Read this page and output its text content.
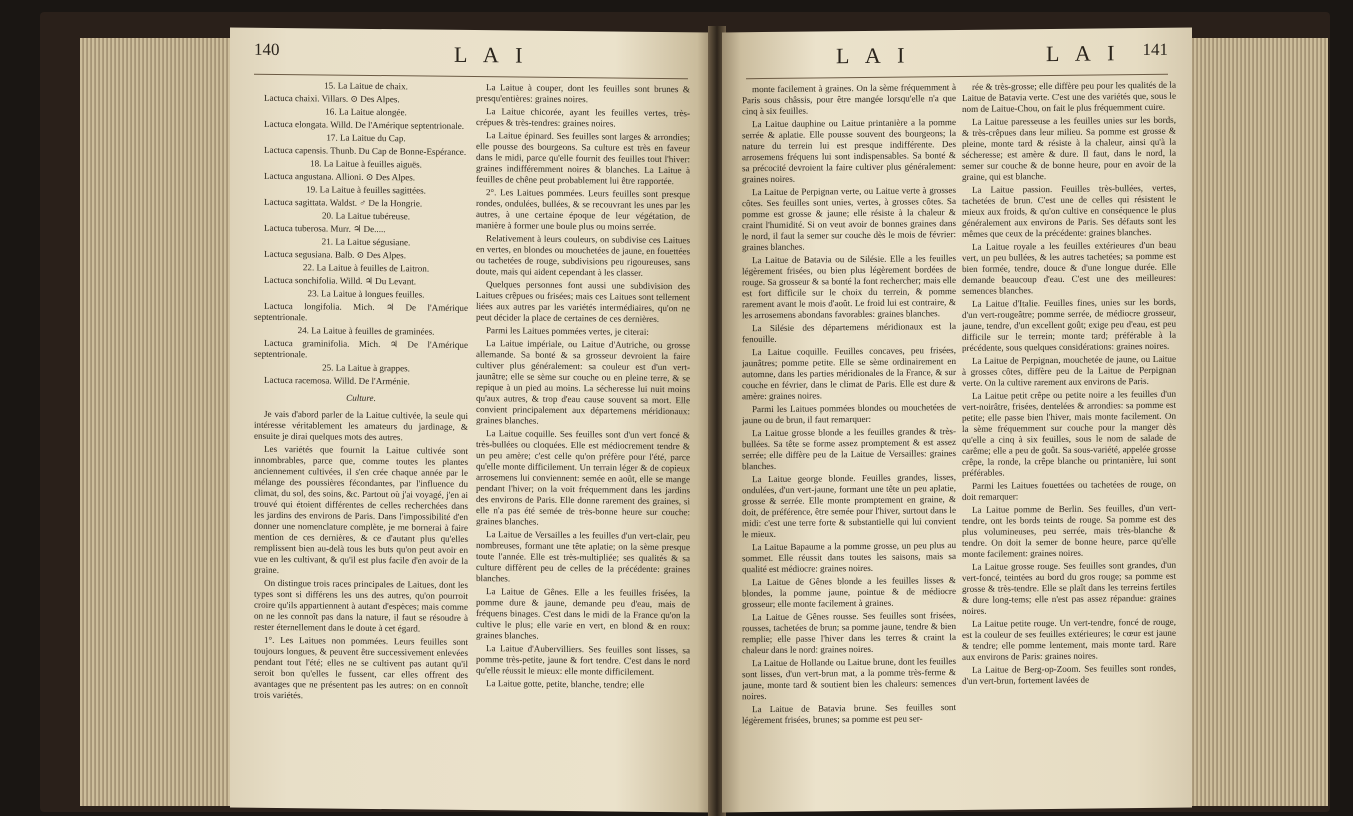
140	L A I

15. La Laitue de chaix.

Lactuca chaixi. Villars. ⊙ Des Alpes.

16. La Laitue alongée.

Lactuca elongata. Willd. De l'Amérique septentrionale.

17. La Laitue du Cap.

Lactuca capensis. Thunb. Du Cap de Bonne-Espérance.

18. La Laitue à feuilles aiguës.

Lactuca angustana. Allioni. ⊙ Des Alpes.

19. La Laitue à feuilles sagittées.

Lactuca sagittata. Waldst. ♂ De la Hongrie.

20. La Laitue tubéreuse.

Lactuca tuberosa. Murr. ♃ De.....

21. La Laitue ségusiane.

Lactuca segusiana. Balb. ⊙ Des Alpes.

22. La Laitue à feuilles de Laitron.

Lactuca sonchifolia. Willd. ♃ Du Levant.

23. La Laitue à longues feuilles.

Lactuca longifolia. Mich. ♃ De l'Amérique septentrionale.

24. La Laitue à feuilles de graminées.

Lactuca graminifolia. Mich. ♃ De l'Amérique septentrionale.

25. La Laitue à grappes.

Lactuca racemosa. Willd. De l'Arménie.

Culture.

Je vais d'abord parler de la Laitue cultivée, la seule qui intéresse véritablement les amateurs du jardinage, & ensuite je dirai quelques mots des autres.

Les variétés que fournit la Laitue cultivée sont innombrables, parce que, comme toutes les plantes anciennement cultivées, il s'en crée chaque année par le mélange des poussières fécondantes, par l'influence du climat, du sol, des soins, &c. Partout où j'ai voyagé, j'en ai trouvé qui étoient différentes de celles recherchées dans les jardins des environs de Paris. Dans l'impossibilité d'en donner une nomenclature complète, je me bornerai à faire mention de ces dernières, & ce d'autant plus qu'elles remplissent bien au-delà tous les buts qu'on peut avoir en vue en les cultivant, & qu'il est plus facile d'en avoir de la graine.

On distingue trois races principales de Laitues, dont les types sont si différens les uns des autres, qu'on pourroit croire qu'ils appartiennent à autant d'espèces; mais comme on ne les connoît pas dans la nature, il faut se résoudre à rester éternellement dans le doute à cet égard.

1°. Les Laitues non pommées. Leurs feuilles sont toujours longues, & peuvent être successivement enlevées pendant tout l'été; elles ne se cultivent pas autant qu'il seroit bon qu'elles le fussent, car elles offrent des avantages que ne présentent pas les autres: on en connoît trois variétés.

La Laitue à couper, dont les feuilles sont brunes & presqu'entières: graines noires.

La Laitue chicorée, ayant les feuilles vertes, très-crépues & très-tendres: graines noires.

La Laitue épinard. Ses feuilles sont larges & arrondies; elle pousse des bourgeons. Sa culture est très en faveur dans le midi, parce qu'elle fournit des feuilles tout l'hiver: graines indifféremment noires & blanches. La Laitue à feuilles de chêne peut probablement lui être rapportée.

2°. Les Laitues pommées. Leurs feuilles sont presque rondes, ondulées, bullées, & se recouvrant les unes par les autres, à une certaine époque de leur végétation, de manière à former une boule plus ou moins serrée.

Relativement à leurs couleurs, on subdivise ces Laitues en vertes, en blondes ou mouchetées de jaune, en fouettées ou tachetées de rouge, subdivisions peu rigoureuses, sans doute, mais qui aident cependant à les classer.

Quelques personnes font aussi une subdivision des Laitues crêpues ou frisées; mais ces Laitues sont tellement liées aux autres par les variétés intermédiaires, qu'on ne peut décider la place de certaines de ces dernières.

Parmi les Laitues pommées vertes, je citerai:

La Laitue impériale, ou Laitue d'Autriche, ou grosse allemande. Sa bonté & sa grosseur devroient la faire cultiver plus généralement: sa couleur est d'un vert-jaunâtre; elle se sème sur couche ou en pleine terre, & se repique à un pied au moins. La sécheresse lui nuit moins qu'aux autres, & trop d'eau cause souvent sa mort. Elle convient principalement aux départemens méridionaux: graines blanches.

La Laitue coquille. Ses feuilles sont d'un vert foncé & très-bullées ou cloquées. Elle est médiocrement tendre & un peu amère; c'est celle qu'on préfère pour l'été, parce qu'elle monte difficilement. Un terrain léger & de copieux arrosemens lui conviennent: semée en août, elle se mange pendant l'hiver; on la voit fréquemment dans les jardins des environs de Paris. Elle donne rarement des graines, si elle n'a pas été semée de très-bonne heure sur couche: graines blanches.

La Laitue de Versailles a les feuilles d'un vert-clair, peu nombreuses, formant une tête aplatie; on la sème presque toute l'année. Elle est très-multipliée; ses qualités & sa culture diffèrent peu de celles de la précédente: graines blanches.

La Laitue de Gênes. Elle a les feuilles frisées, la pomme dure & jaune, demande peu d'eau, mais de fréquens binages. C'est dans le midi de la France qu'on la cultive le plus; elle varie en vert, en blond & en roux: graines blanches.

La Laitue d'Aubervilliers. Ses feuilles sont lisses, sa pomme très-petite, jaune & fort tendre. C'est dans le nord qu'elle réussit le mieux: elle monte difficilement.

La Laitue gotte, petite, blanche, tendre; elle

L A I	L A I 141

monte facilement à graines. On la sème fréquemment à Paris sous châssis, pour être mangée lorsqu'elle n'a que cinq à six feuilles.

La Laitue dauphine ou Laitue printanière a la pomme serrée & aplatie. Elle pousse souvent des bourgeons; la nature du terrein lui est presque indifférente. Des arrosemens fréquens lui sont indispensables. Sa bonté & sa précocité devroient la faire cultiver plus généralement: graines noires.

La Laitue de Perpignan verte, ou Laitue verte à grosses côtes. Ses feuilles sont unies, vertes, à grosses côtes. Sa pomme est grosse & jaune; elle résiste à la chaleur & craint l'humidité. Si on veut avoir de bonnes graines dans le nord, il faut la semer sur couche dès le mois de février: graines blanches.

La Laitue de Batavia ou de Silésie. Elle a les feuilles légèrement frisées, ou bien plus légèrement bordées de rouge. Sa grosseur & sa bonté la font rechercher; mais elle est fort difficile sur le choix du terrein, & pomme rarement avant le mois d'août. Le froid lui est contraire, & les arrosemens abondans favorables: graines blanches.

La Silésie des départemens méridionaux est la fenouille.

La Laitue coquille. Feuilles concaves, peu frisées, jaunâtres; pomme petite. Elle se sème ordinairement en automne, dans les parties méridionales de la France, & sur couche en février, dans le climat de Paris. Elle est dure & amère: graines noires.

Parmi les Laitues pommées blondes ou mouchetées de jaune ou de brun, il faut remarquer:

La Laitue grosse blonde a les feuilles grandes & très-bullées. Sa tête se forme assez promptement & est assez serrée; elle diffère peu de la Laitue de Versailles: graines blanches.

La Laitue george blonde. Feuilles grandes, lisses, ondulées, d'un vert-jaune, formant une tête un peu aplatie, grosse & serrée. Elle monte promptement en graine, & doit, de préférence, être semée pour l'hiver, surtout dans le midi: c'est une terre forte & substantielle qui lui convient le mieux.

La Laitue Bapaume a la pomme grosse, un peu plus au sommet. Elle réussit dans toutes les saisons, mais sa qualité est médiocre: graines noires.

La Laitue de Gênes blonde a les feuilles lisses & blondes, la pomme jaune, pointue & de médiocre grosseur; elle monte facilement à graines.

La Laitue de Gênes rousse. Ses feuilles sont frisées, rousses, tachetées de brun; sa pomme jaune, tendre & bien remplie; elle passe l'hiver dans les terres & craint la chaleur dans le nord: graines noires.

La Laitue de Hollande ou Laitue brune, dont les feuilles sont lisses, d'un vert-brun mat, a la pomme très-ferme & jaune, monte tard & soutient bien les chaleurs: semences noires.

La Laitue de Batavia brune. Ses feuilles sont légèrement frisées, brunes; sa pomme est peu ser-

rée & très-grosse; elle diffère peu pour les qualités de la Laitue de Batavia verte. C'est une des variétés que, sous le nom de Laitue-Chou, on fait le plus fréquemment cuire.

La Laitue paresseuse a les feuilles unies sur les bords, & très-crêpues dans leur milieu. Sa pomme est grosse & pleine, monte tard & résiste à la chaleur, ainsi qu'à la sécheresse; est amère & dure. Il faut, dans le nord, la semer sur couche & de bonne heure, pour en avoir de la graine, qui est blanche.

La Laitue passion. Feuilles très-bullées, vertes, tachetées de brun. C'est une de celles qui résistent le mieux aux froids, & qu'on cultive en conséquence le plus généralement aux environs de Paris. Ses défauts sont les mêmes que ceux de la précédente: graines blanches.

La Laitue royale a les feuilles extérieures d'un beau vert, un peu bullées, & les autres tachetées; sa pomme est bien formée, tendre, douce & d'une longue durée. Elle demande beaucoup d'eau. C'est une des meilleures: semences blanches.

La Laitue d'Italie. Feuilles fines, unies sur les bords, d'un vert-rougeâtre; pomme serrée, de médiocre grosseur, jaune, tendre, d'un excellent goût; exige peu d'eau, est peu difficile sur le terrein; monte tard; préférable à la précédente, sous quelques considérations: graines noires.

La Laitue de Perpignan, mouchetée de jaune, ou Laitue à grosses côtes, diffère peu de la Laitue de Perpignan verte. On la cultive rarement aux environs de Paris.

La Laitue petit crêpe ou petite noire a les feuilles d'un vert-noirâtre, frisées, dentelées & arrondies: sa pomme est petite; elle passe bien l'hiver, mais monte facilement. On la sème fréquemment sur couche pour la manger dès qu'elle a cinq à six feuilles, sous le nom de salade de carême; elle a peu de goût. Sa sous-variété, appelée grosse crêpe, la ronde, la crêpe blanche ou printanière, lui sont préférables.

Parmi les Laitues fouettées ou tachetées de rouge, on doit remarquer:

La Laitue pomme de Berlin. Ses feuilles, d'un vert-tendre, ont les bords teints de rouge. Sa pomme est des plus volumineuses, peu serrée, mais très-blanche & tendre. On doit la semer de bonne heure, parce qu'elle monte facilement: graines noires.

La Laitue grosse rouge. Ses feuilles sont grandes, d'un vert-foncé, teintées au bord du gros rouge; sa pomme est grosse & très-tendre. Elle se plaît dans les terreins fertiles & dure long-tems; elle n'est pas assez répandue: graines noires.

La Laitue petite rouge. Un vert-tendre, foncé de rouge, est la couleur de ses feuilles extérieures; le cœur est jaune & tendre; elle pomme lentement, mais monte tard. Rare aux environs de Paris: graines noires.

La Laitue de Berg-op-Zoom. Ses feuilles sont rondes, d'un vert-brun, fortement lavées de
